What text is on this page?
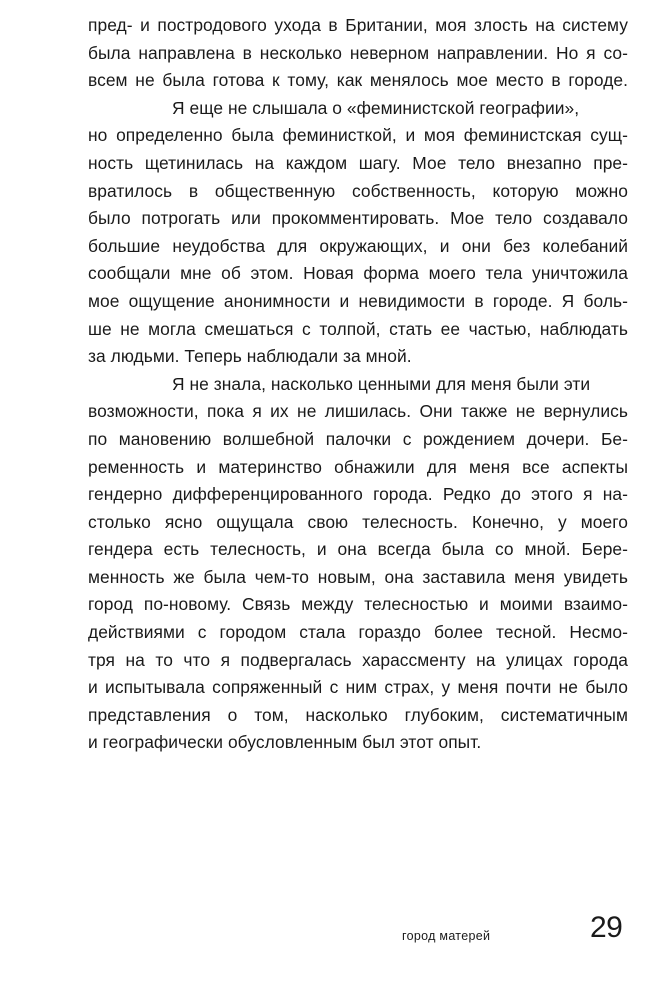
пред- и постродового ухода в Британии, моя злость на систему
была направлена в несколько неверном направлении. Но я со-
всем не была готова к тому, как менялось мое место в городе.
Я еще не слышала о «феминистской географии»,
но определенно была феминисткой, и моя феминистская сущ-
ность щетинилась на каждом шагу. Мое тело внезапно пре-
вратилось в общественную собственность, которую можно
было потрогать или прокомментировать. Мое тело создавало
большие неудобства для окружающих, и они без колебаний
сообщали мне об этом. Новая форма моего тела уничтожила
мое ощущение анонимности и невидимости в городе. Я боль-
ше не могла смешаться с толпой, стать ее частью, наблюдать
за людьми. Теперь наблюдали за мной.
Я не знала, насколько ценными для меня были эти
возможности, пока я их не лишилась. Они также не вернулись
по мановению волшебной палочки с рождением дочери. Бе-
ременность и материнство обнажили для меня все аспекты
гендерно дифференцированного города. Редко до этого я на-
столько ясно ощущала свою телесность. Конечно, у моего
гендера есть телесность, и она всегда была со мной. Бере-
менность же была чем-то новым, она заставила меня увидеть
город по-новому. Связь между телесностью и моими взаимо-
действиями с городом стала гораздо более тесной. Несмо-
тря на то что я подвергалась харассменту на улицах города
и испытывала сопряженный с ним страх, у меня почти не было
представления о том, насколько глубоким, систематичным
и географически обусловленным был этот опыт.
город матерей	29
